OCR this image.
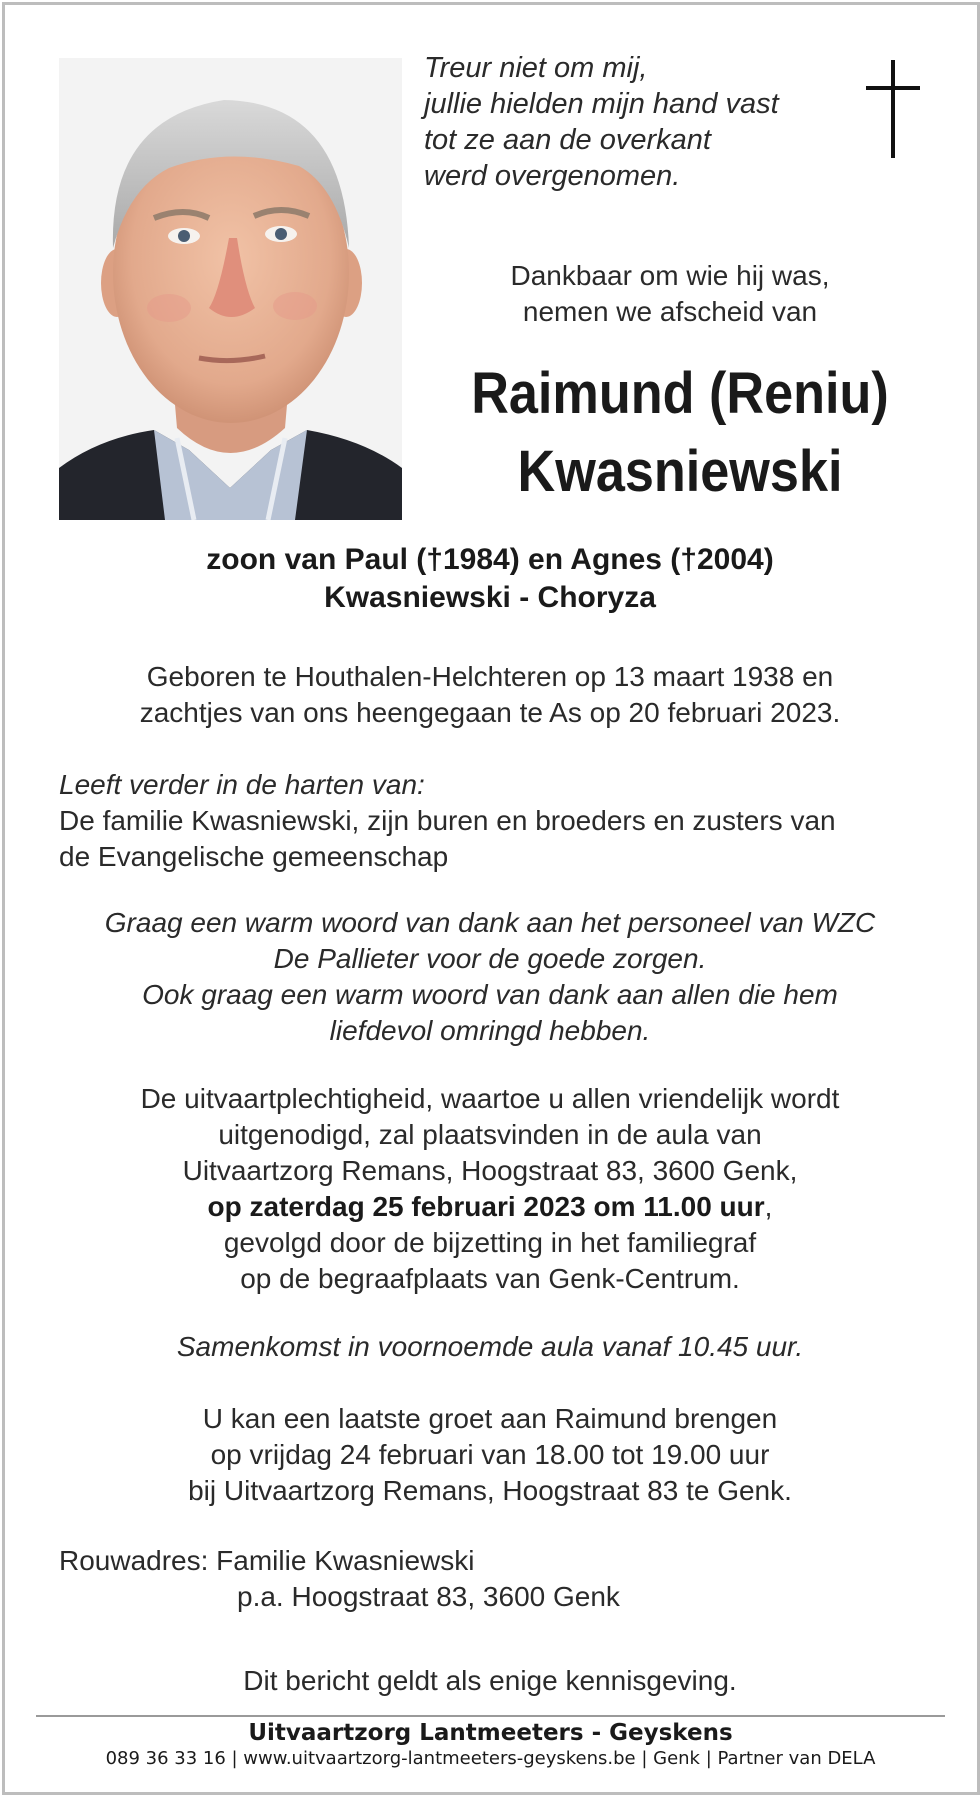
Treur niet om mij,
jullie hielden mijn hand vast
tot ze aan de overkant
werd overgenomen.
Dankbaar om wie hij was,
nemen we afscheid van
Raimund (Reniu)
Kwasniewski
zoon van Paul (†1984) en Agnes (†2004)
Kwasniewski - Choryza
Geboren te Houthalen-Helchteren op 13 maart 1938 en
zachtjes van ons heengegaan te As op 20 februari 2023.
Leeft verder in de harten van:
De familie Kwasniewski, zijn buren en broeders en zusters van
de Evangelische gemeenschap
Graag een warm woord van dank aan het personeel van WZC
De Pallieter voor de goede zorgen.
Ook graag een warm woord van dank aan allen die hem
liefdevol omringd hebben.
De uitvaartplechtigheid, waartoe u allen vriendelijk wordt
uitgenodigd, zal plaatsvinden in de aula van
Uitvaartzorg Remans, Hoogstraat 83, 3600 Genk,
op zaterdag 25 februari 2023 om 11.00 uur,
gevolgd door de bijzetting in het familiegraf
op de begraafplaats van Genk-Centrum.
Samenkomst in voornoemde aula vanaf 10.45 uur.
U kan een laatste groet aan Raimund brengen
op vrijdag 24 februari van 18.00 tot 19.00 uur
bij Uitvaartzorg Remans, Hoogstraat 83 te Genk.
Rouwadres: Familie Kwasniewski
p.a. Hoogstraat 83, 3600 Genk
Dit bericht geldt als enige kennisgeving.
Uitvaartzorg Lantmeeters - Geyskens
089 36 33 16 | www.uitvaartzorg-lantmeeters-geyskens.be | Genk | Partner van DELA
